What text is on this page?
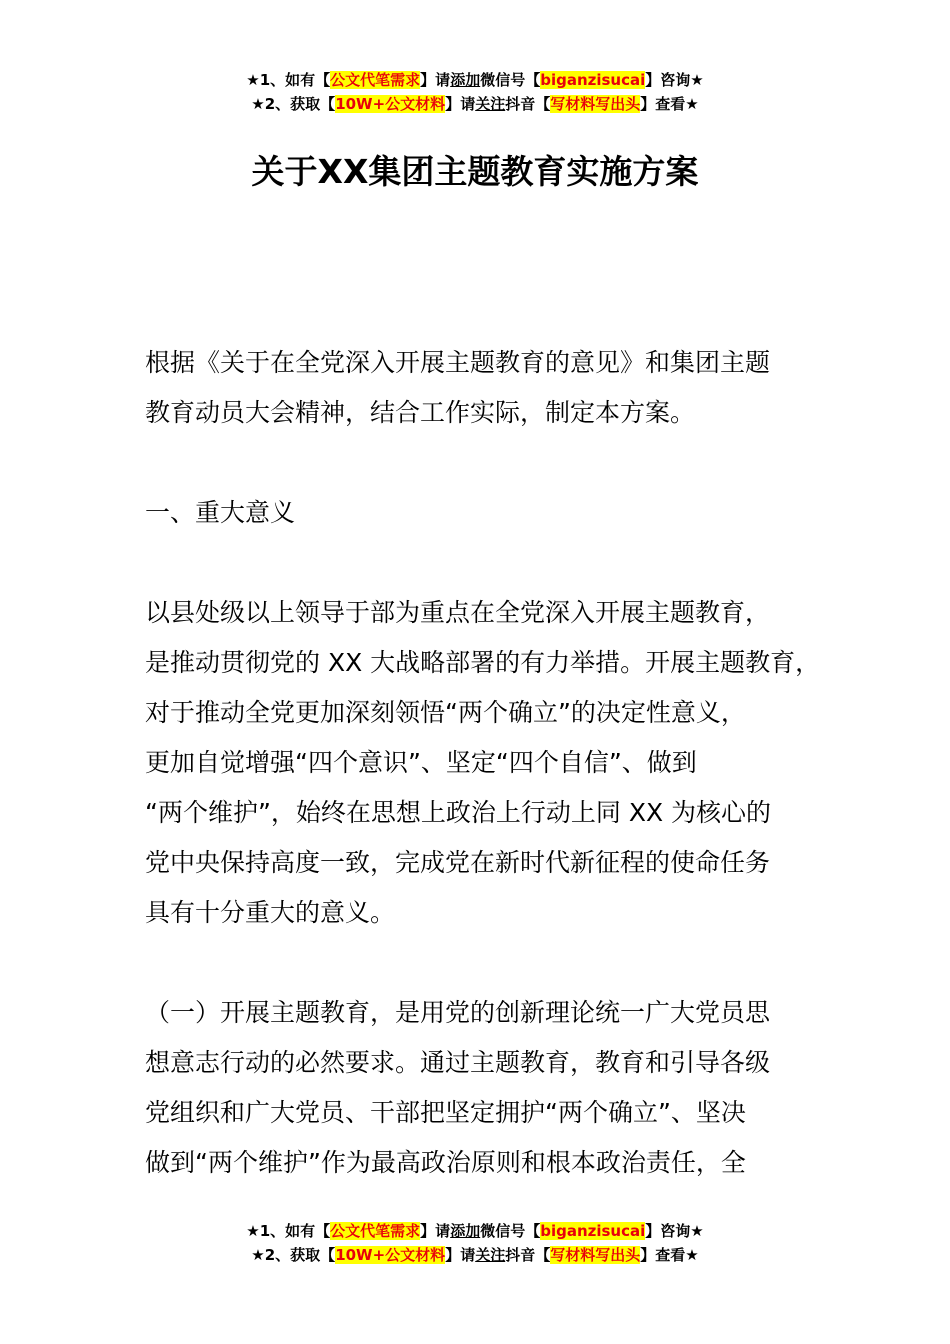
★1、如有【公文代笔需求】请添加微信号【biganzisucai】咨询★
★2、获取【10W+公文材料】请关注抖音【写材料写出头】查看★
关于XX集团主题教育实施方案
根据《关于在全党深入开展主题教育的意见》和集团主题
教育动员大会精神，结合工作实际，制定本方案。
一、重大意义
以县处级以上领导于部为重点在全党深入开展主题教育，
是推动贯彻党的 XX 大战略部署的有力举措。开展主题教育，
对于推动全党更加深刻领悟“两个确立”的决定性意义，
更加自觉增强“四个意识”、坚定“四个自信”、做到
“两个维护”，始终在思想上政治上行动上同 XX 为核心的
党中央保持高度一致，完成党在新时代新征程的使命任务
具有十分重大的意义。
（一）开展主题教育，是用党的创新理论统一广大党员思
想意志行动的必然要求。通过主题教育，教育和引导各级
党组织和广大党员、干部把坚定拥护“两个确立”、坚决
做到“两个维护”作为最高政治原则和根本政治责任，全
★1、如有【公文代笔需求】请添加微信号【biganzisucai】咨询★
★2、获取【10W+公文材料】请关注抖音【写材料写出头】查看★
